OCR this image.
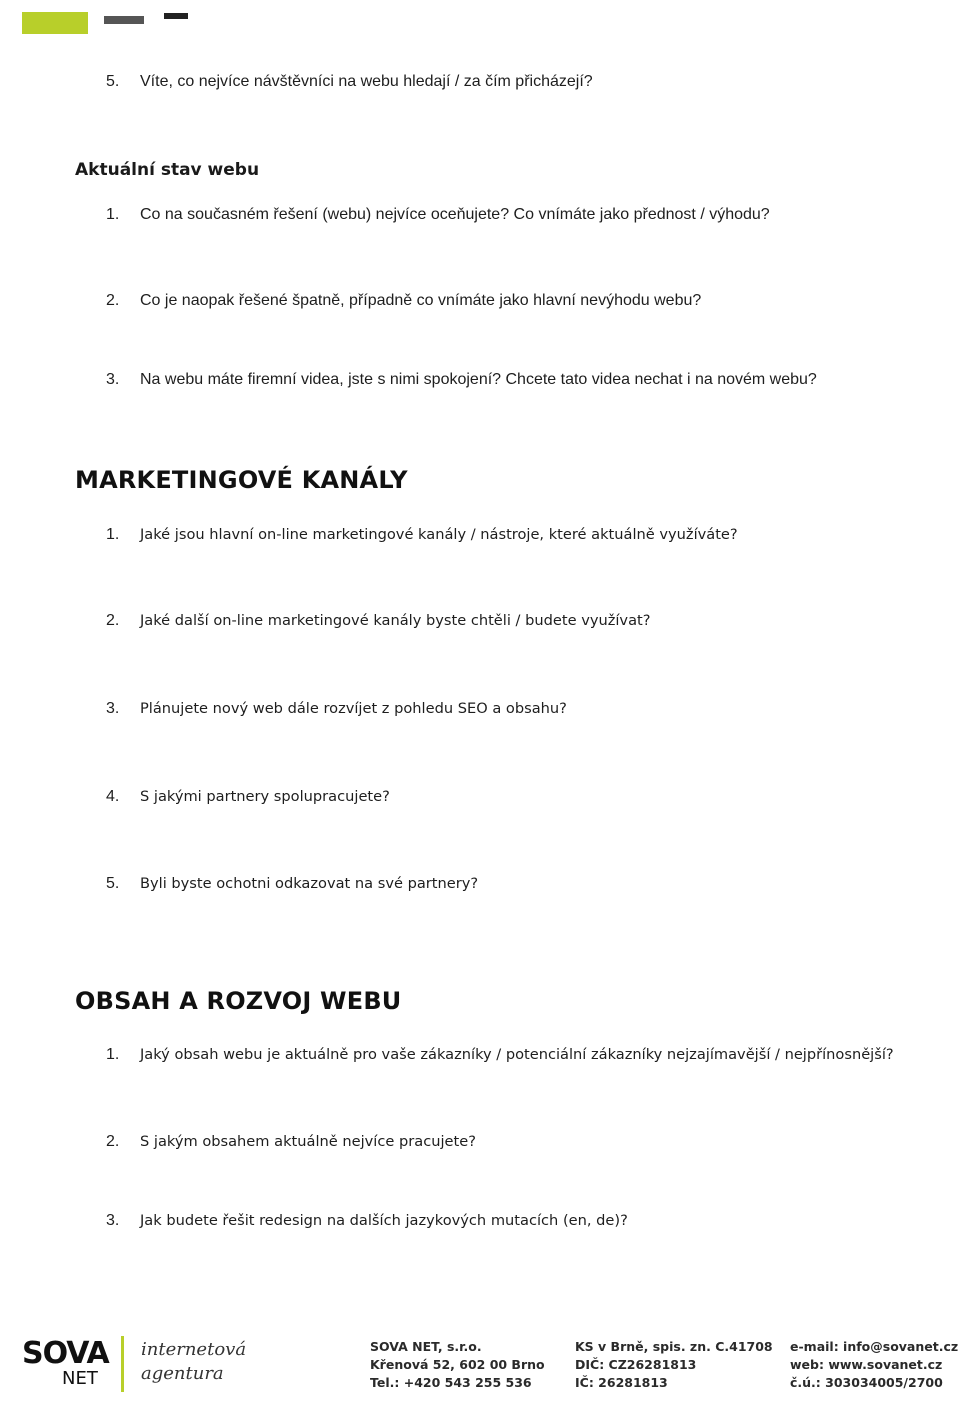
5. Víte, co nejvíce návštěvníci na webu hledají / za čím přicházejí?
Aktuální stav webu
1. Co na současném řešení (webu) nejvíce oceňujete? Co vnímáte jako přednost / výhodu?
2. Co je naopak řešené špatně, případně co vnímáte jako hlavní nevýhodu webu?
3. Na webu máte firemní videa, jste s nimi spokojení? Chcete tato videa nechat i na novém webu?
MARKETINGOVÉ KANÁLY
1. Jaké jsou hlavní on-line marketingové kanály / nástroje, které aktuálně využíváte?
2. Jaké další on-line marketingové kanály byste chtěli / budete využívat?
3. Plánujete nový web dále rozvíjet z pohledu SEO a obsahu?
4. S jakými partnery spolupracujete?
5. Byli byste ochotni odkazovat na své partnery?
OBSAH A ROZVOJ WEBU
1. Jaký obsah webu je aktuálně pro vaše zákazníky / potenciální zákazníky nejzajímavější / nejpřínosnější?
2. S jakým obsahem aktuálně nejvíce pracujete?
3. Jak budete řešit redesign na dalších jazykových mutacích (en, de)?
SOVA
NET
internetová
agentura
SOVA NET, s.r.o.
Křenová 52, 602 00 Brno
Tel.: +420 543 255 536
KS v Brně, spis. zn. C.41708
DIČ: CZ26281813
IČ: 26281813
e-mail: info@sovanet.cz
web: www.sovanet.cz
č.ú.: 303034005/2700
